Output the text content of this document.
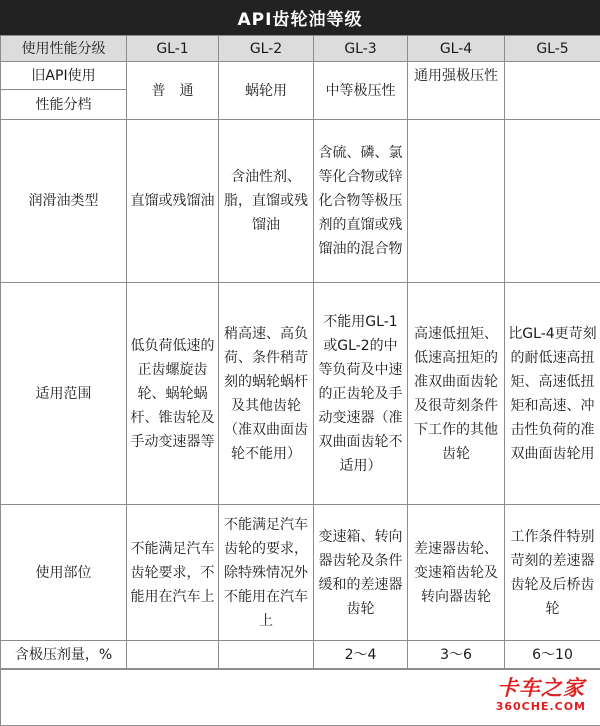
API齿轮油等级
使用性能分级	GL-1	GL-2	GL-3	GL-4	GL-5
旧API使用	普　通	蜗轮用	中等极压性	通用强极压性	
性能分档					
润滑油类型	直馏或残馏油	含油性剂、脂，直馏或残馏油	含硫、磷、氯等化合物或锌化合物等极压剂的直馏或残馏油的混合物		
适用范围	低负荷低速的正齿螺旋齿轮、蜗轮蜗杆、锥齿轮及手动变速器等	稍高速、高负荷、条件稍苛刻的蜗轮蜗杆及其他齿轮（准双曲面齿轮不能用）	不能用GL-1或GL-2的中等负荷及中速的正齿轮及手动变速器（准双曲面齿轮不适用）	高速低扭矩、低速高扭矩的准双曲面齿轮及很苛刻条件下工作的其他齿轮	比GL-4更苛刻的耐低速高扭矩、高速低扭矩和高速、冲击性负荷的准双曲面齿轮用
使用部位	不能满足汽车齿轮要求，不能用在汽车上	不能满足汽车齿轮的要求，除特殊情况外不能用在汽车上	变速箱、转向器齿轮及条件缓和的差速器齿轮	差速器齿轮、变速箱齿轮及转向器齿轮	工作条件特别苛刻的差速器齿轮及后桥齿轮
含极压剂量，%			2～4	3～6	6～10
卡车之家
360CHE.COM
